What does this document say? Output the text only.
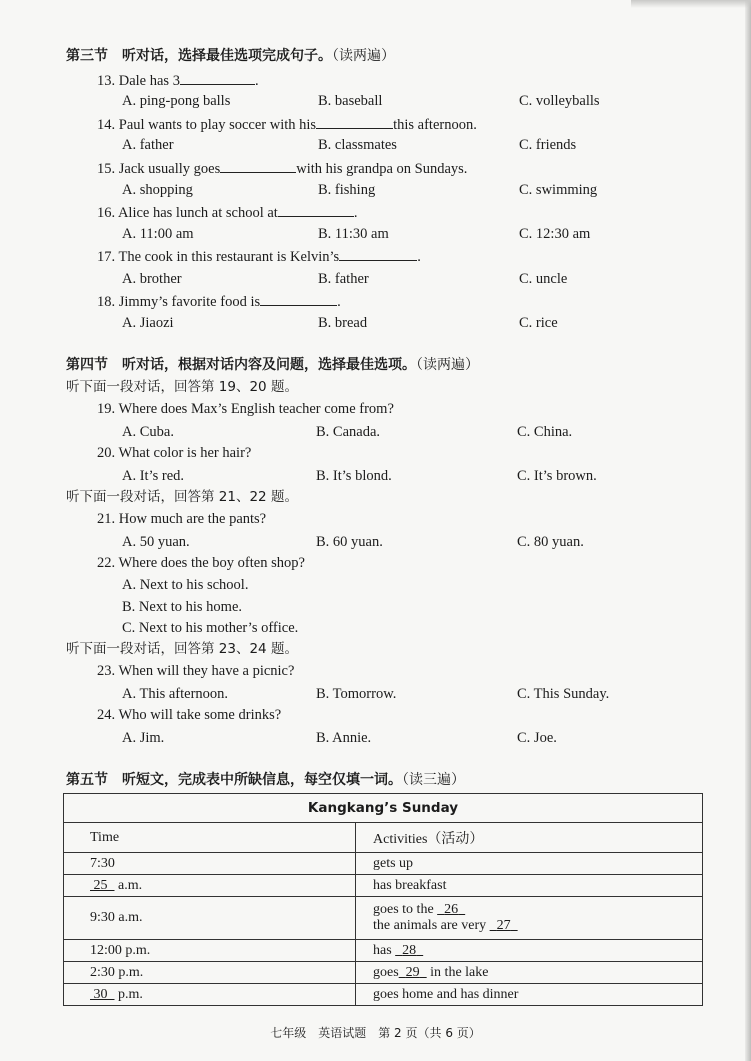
第三节　听对话，选择最佳选项完成句子。（读两遍）
13. Dale has 3	.
A. ping-pong balls	B. baseball	C. volleyballs
14. Paul wants to play soccer with his	this afternoon.
A. father	B. classmates	C. friends
15. Jack usually goes	with his grandpa on Sundays.
A. shopping	B. fishing	C. swimming
16. Alice has lunch at school at	.
A. 11:00 am	B. 11:30 am	C. 12:30 am
17. The cook in this restaurant is Kelvin’s	.
A. brother	B. father	C. uncle
18. Jimmy’s favorite food is	.
A. Jiaozi	B. bread	C. rice
第四节　听对话，根据对话内容及问题，选择最佳选项。（读两遍）
听下面一段对话，回答第 19、20 题。
19. Where does Max’s English teacher come from?
A. Cuba.	B. Canada.	C. China.
20. What color is her hair?
A. It’s red.	B. It’s blond.	C. It’s brown.
听下面一段对话，回答第 21、22 题。
21. How much are the pants?
A. 50 yuan.	B. 60 yuan.	C. 80 yuan.
22. Where does the boy often shop?
A. Next to his school.
B. Next to his home.
C. Next to his mother’s office.
听下面一段对话，回答第 23、24 题。
23. When will they have a picnic?
A. This afternoon.	B. Tomorrow.	C. This Sunday.
24. Who will take some drinks?
A. Jim.	B. Annie.	C. Joe.
第五节　听短文，完成表中所缺信息，每空仅填一词。（读三遍）
Kangkang’s Sunday	
Time	Activities（活动）
7:30	gets up
25 a.m.	has breakfast
9:30 a.m.	goes to the 26
the animals are very 27

12:00 p.m.	has 28
2:30 p.m.	goes 29 in the lake
30 p.m.	goes home and has dinner
七年级　英语试题　第 2 页（共 6 页）
